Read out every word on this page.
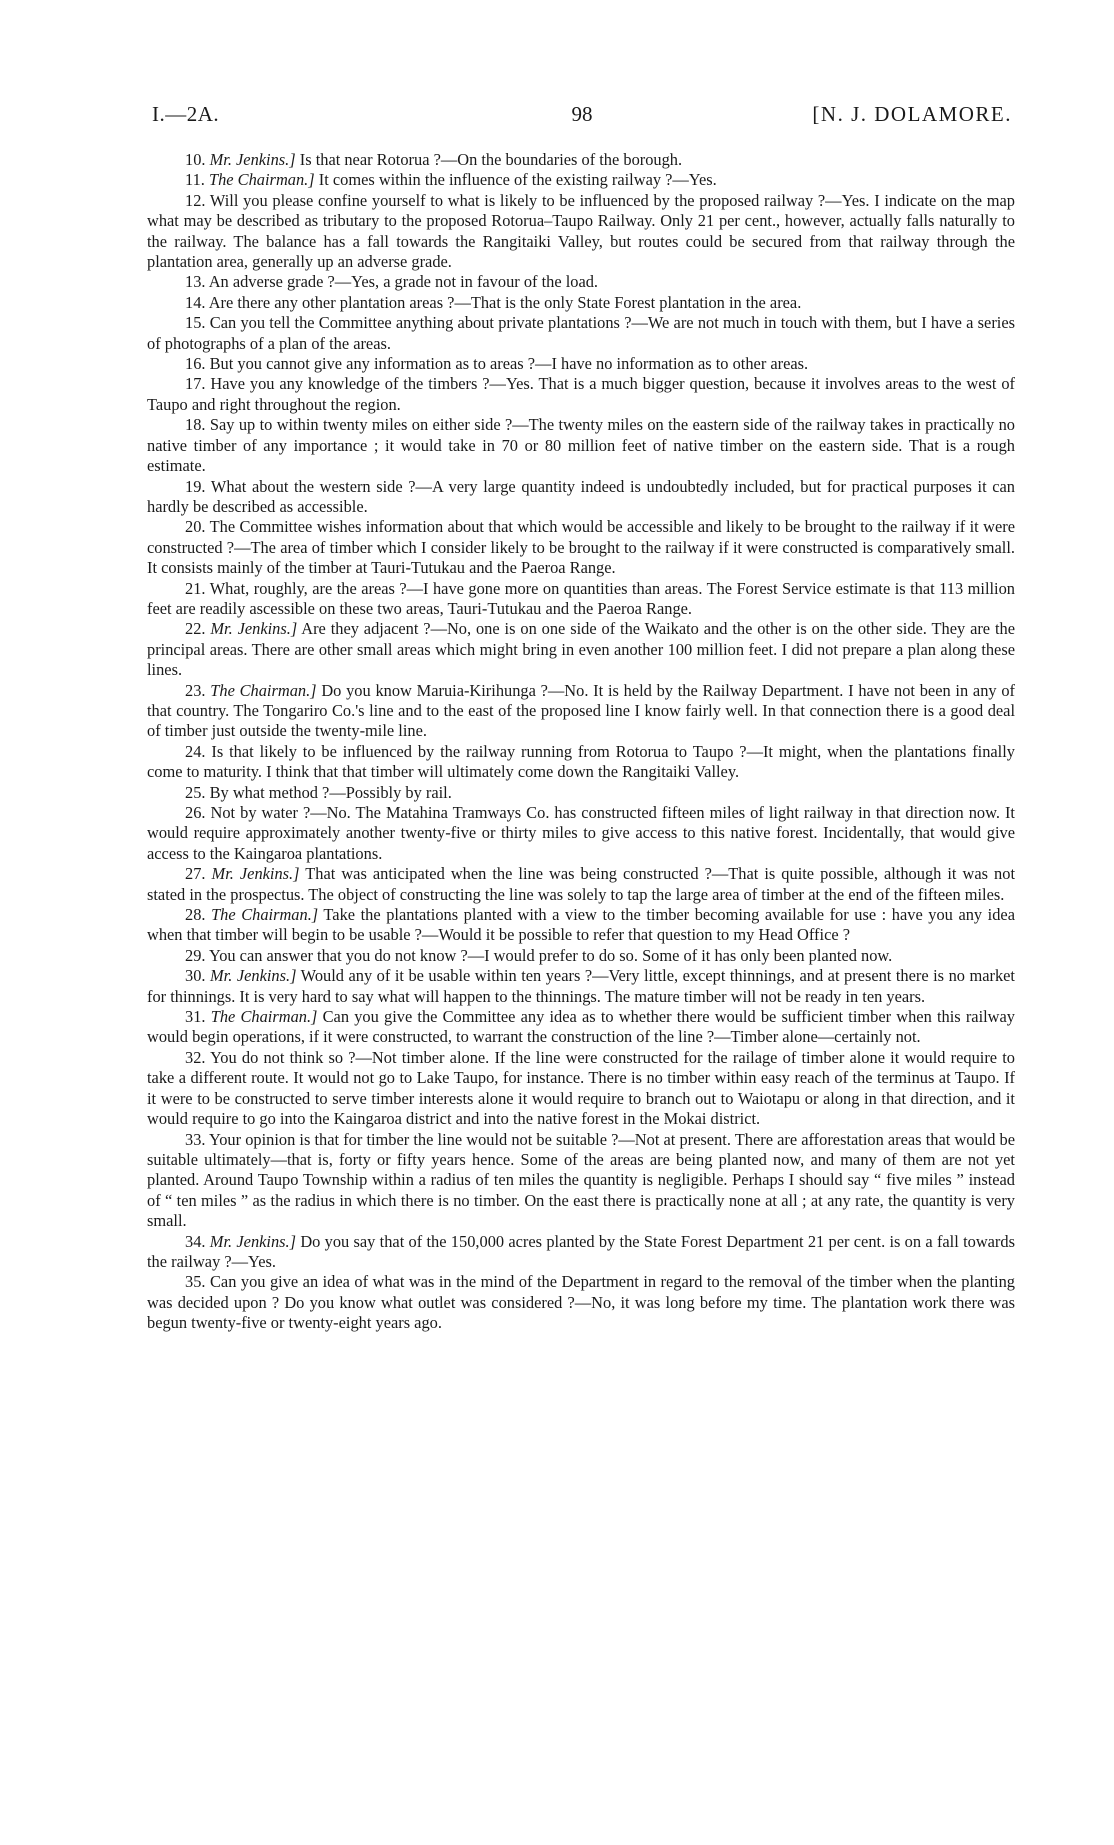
I.—2A.	98	[N. J. DOLAMORE.

10. Mr. Jenkins.] Is that near Rotorua ?—On the boundaries of the borough.

11. The Chairman.] It comes within the influence of the existing railway ?—Yes.

12. Will you please confine yourself to what is likely to be influenced by the proposed railway ?—Yes. I indicate on the map what may be described as tributary to the proposed Rotorua–Taupo Railway. Only 21 per cent., however, actually falls naturally to the railway. The balance has a fall towards the Rangitaiki Valley, but routes could be secured from that railway through the plantation area, generally up an adverse grade.

13. An adverse grade ?—Yes, a grade not in favour of the load.

14. Are there any other plantation areas ?—That is the only State Forest plantation in the area.

15. Can you tell the Committee anything about private plantations ?—We are not much in touch with them, but I have a series of photographs of a plan of the areas.

16. But you cannot give any information as to areas ?—I have no information as to other areas.

17. Have you any knowledge of the timbers ?—Yes. That is a much bigger question, because it involves areas to the west of Taupo and right throughout the region.

18. Say up to within twenty miles on either side ?—The twenty miles on the eastern side of the railway takes in practically no native timber of any importance ; it would take in 70 or 80 million feet of native timber on the eastern side. That is a rough estimate.

19. What about the western side ?—A very large quantity indeed is undoubtedly included, but for practical purposes it can hardly be described as accessible.

20. The Committee wishes information about that which would be accessible and likely to be brought to the railway if it were constructed ?—The area of timber which I consider likely to be brought to the railway if it were constructed is comparatively small. It consists mainly of the timber at Tauri-Tutukau and the Paeroa Range.

21. What, roughly, are the areas ?—I have gone more on quantities than areas. The Forest Service estimate is that 113 million feet are readily ascessible on these two areas, Tauri-Tutukau and the Paeroa Range.

22. Mr. Jenkins.] Are they adjacent ?—No, one is on one side of the Waikato and the other is on the other side. They are the principal areas. There are other small areas which might bring in even another 100 million feet. I did not prepare a plan along these lines.

23. The Chairman.] Do you know Maruia-Kirihunga ?—No. It is held by the Railway Department. I have not been in any of that country. The Tongariro Co.'s line and to the east of the proposed line I know fairly well. In that connection there is a good deal of timber just outside the twenty-mile line.

24. Is that likely to be influenced by the railway running from Rotorua to Taupo ?—It might, when the plantations finally come to maturity. I think that that timber will ultimately come down the Rangitaiki Valley.

25. By what method ?—Possibly by rail.

26. Not by water ?—No. The Matahina Tramways Co. has constructed fifteen miles of light railway in that direction now. It would require approximately another twenty-five or thirty miles to give access to this native forest. Incidentally, that would give access to the Kaingaroa plantations.

27. Mr. Jenkins.] That was anticipated when the line was being constructed ?—That is quite possible, although it was not stated in the prospectus. The object of constructing the line was solely to tap the large area of timber at the end of the fifteen miles.

28. The Chairman.] Take the plantations planted with a view to the timber becoming available for use : have you any idea when that timber will begin to be usable ?—Would it be possible to refer that question to my Head Office ?

29. You can answer that you do not know ?—I would prefer to do so. Some of it has only been planted now.

30. Mr. Jenkins.] Would any of it be usable within ten years ?—Very little, except thinnings, and at present there is no market for thinnings. It is very hard to say what will happen to the thinnings. The mature timber will not be ready in ten years.

31. The Chairman.] Can you give the Committee any idea as to whether there would be sufficient timber when this railway would begin operations, if it were constructed, to warrant the construction of the line ?—Timber alone—certainly not.

32. You do not think so ?—Not timber alone. If the line were constructed for the railage of timber alone it would require to take a different route. It would not go to Lake Taupo, for instance. There is no timber within easy reach of the terminus at Taupo. If it were to be constructed to serve timber interests alone it would require to branch out to Waiotapu or along in that direction, and it would require to go into the Kaingaroa district and into the native forest in the Mokai district.

33. Your opinion is that for timber the line would not be suitable ?—Not at present. There are afforestation areas that would be suitable ultimately—that is, forty or fifty years hence. Some of the areas are being planted now, and many of them are not yet planted. Around Taupo Township within a radius of ten miles the quantity is negligible. Perhaps I should say “ five miles ” instead of “ ten miles ” as the radius in which there is no timber. On the east there is practically none at all ; at any rate, the quantity is very small.

34. Mr. Jenkins.] Do you say that of the 150,000 acres planted by the State Forest Department 21 per cent. is on a fall towards the railway ?—Yes.

35. Can you give an idea of what was in the mind of the Department in regard to the removal of the timber when the planting was decided upon ? Do you know what outlet was considered ?—No, it was long before my time. The plantation work there was begun twenty-five or twenty-eight years ago.
